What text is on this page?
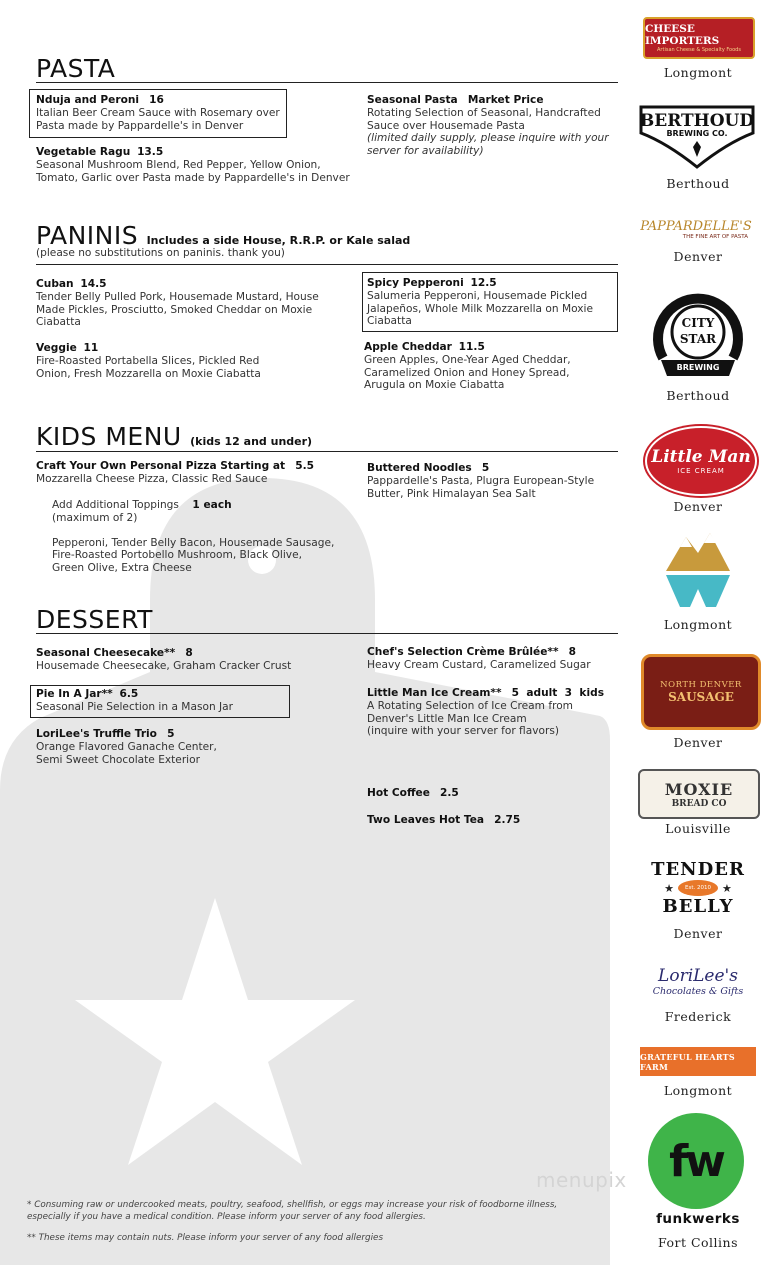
PASTA
Nduja and Peroni 16
Italian Beer Cream Sauce with Rosemary over
Pasta made by Pappardelle's in Denver
Vegetable Ragu 13.5
Seasonal Mushroom Blend, Red Pepper, Yellow Onion,
Tomato, Garlic over Pasta made by Pappardelle's in Denver
Seasonal Pasta Market Price
Rotating Selection of Seasonal, Handcrafted
Sauce over Housemade Pasta
(limited daily supply, please inquire with your
server for availability)
PANINIS Includes a side House, R.R.P. or Kale salad
(please no substitutions on paninis. thank you)
Cuban 14.5
Tender Belly Pulled Pork, Housemade Mustard, House
Made Pickles, Prosciutto, Smoked Cheddar on Moxie
Ciabatta
Veggie 11
Fire-Roasted Portabella Slices, Pickled Red
Onion, Fresh Mozzarella on Moxie Ciabatta
Spicy Pepperoni 12.5
Salumeria Pepperoni, Housemade Pickled
Jalapeños, Whole Milk Mozzarella on Moxie
Ciabatta
Apple Cheddar 11.5
Green Apples, One-Year Aged Cheddar,
Caramelized Onion and Honey Spread,
Arugula on Moxie Ciabatta
KIDS MENU (kids 12 and under)
Craft Your Own Personal Pizza Starting at 5.5
Mozzarella Cheese Pizza, Classic Red Sauce
Add Additional Toppings 1 each
(maximum of 2)
Pepperoni, Tender Belly Bacon, Housemade Sausage,
Fire-Roasted Portobello Mushroom, Black Olive,
Green Olive, Extra Cheese
Buttered Noodles 5
Pappardelle's Pasta, Plugra European-Style
Butter, Pink Himalayan Sea Salt
DESSERT
Seasonal Cheesecake** 8
Housemade Cheesecake, Graham Cracker Crust
Pie In A Jar** 6.5
Seasonal Pie Selection in a Mason Jar
LoriLee's Truffle Trio 5
Orange Flavored Ganache Center,
Semi Sweet Chocolate Exterior
Chef's Selection Crème Brûlée** 8
Heavy Cream Custard, Caramelized Sugar
Little Man Ice Cream** 5  adult  3  kids
A Rotating Selection of Ice Cream from
Denver's Little Man Ice Cream
(inquire with your server for flavors)
Hot Coffee 2.5
Two Leaves Hot Tea 2.75
* Consuming raw or undercooked meats, poultry, seafood, shellfish, or eggs may increase your risk of foodborne illness,
especially if you have a medical condition. Please inform your server of any food allergies.
** These items may contain nuts. Please inform your server of any food allergies
menupix
CHEESE IMPORTERS
Artisan Cheese & Specialty Foods
Longmont
BERTHOUD
BREWING CO.
Berthoud
PAPPARDELLE'S
THE FINE ART OF PASTA
Denver
CITY
STAR
BREWING
Berthoud
Little Man
ICE CREAM
Denver
Longmont
NORTH DENVER
SAUSAGE
Denver
MOXIE
BREAD CO
Louisville
TENDER
★	Est. 2010	★
BELLY
Denver
LoriLee's
Chocolates & Gifts
Frederick
GRATEFUL HEARTS FARM
Longmont
fw
funkwerks
Fort Collins
